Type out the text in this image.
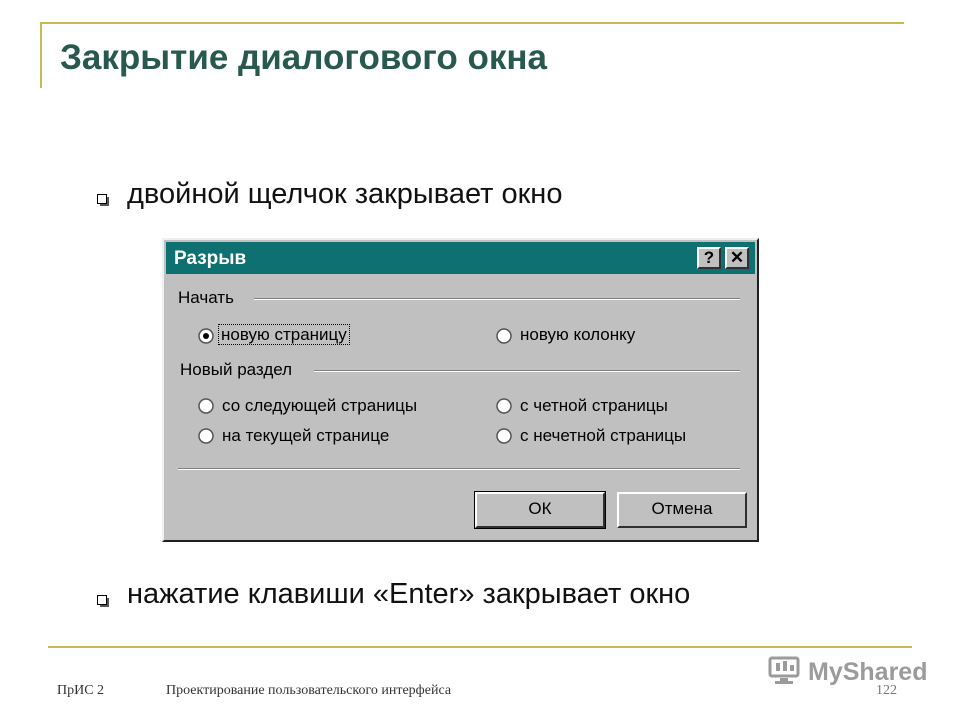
Закрытие диалогового окна
двойной щелчок закрывает окно
Разрыв	? ✕
Начать
новую страницу	новую колонку
Новый раздел
со следующей страницы	с четной страницы
на текущей странице	с нечетной страницы
ОК	Отмена
нажатие клавиши «Enter» закрывает окно
ПрИС 2	Проектирование пользовательского интерфейса	122
MyShared
